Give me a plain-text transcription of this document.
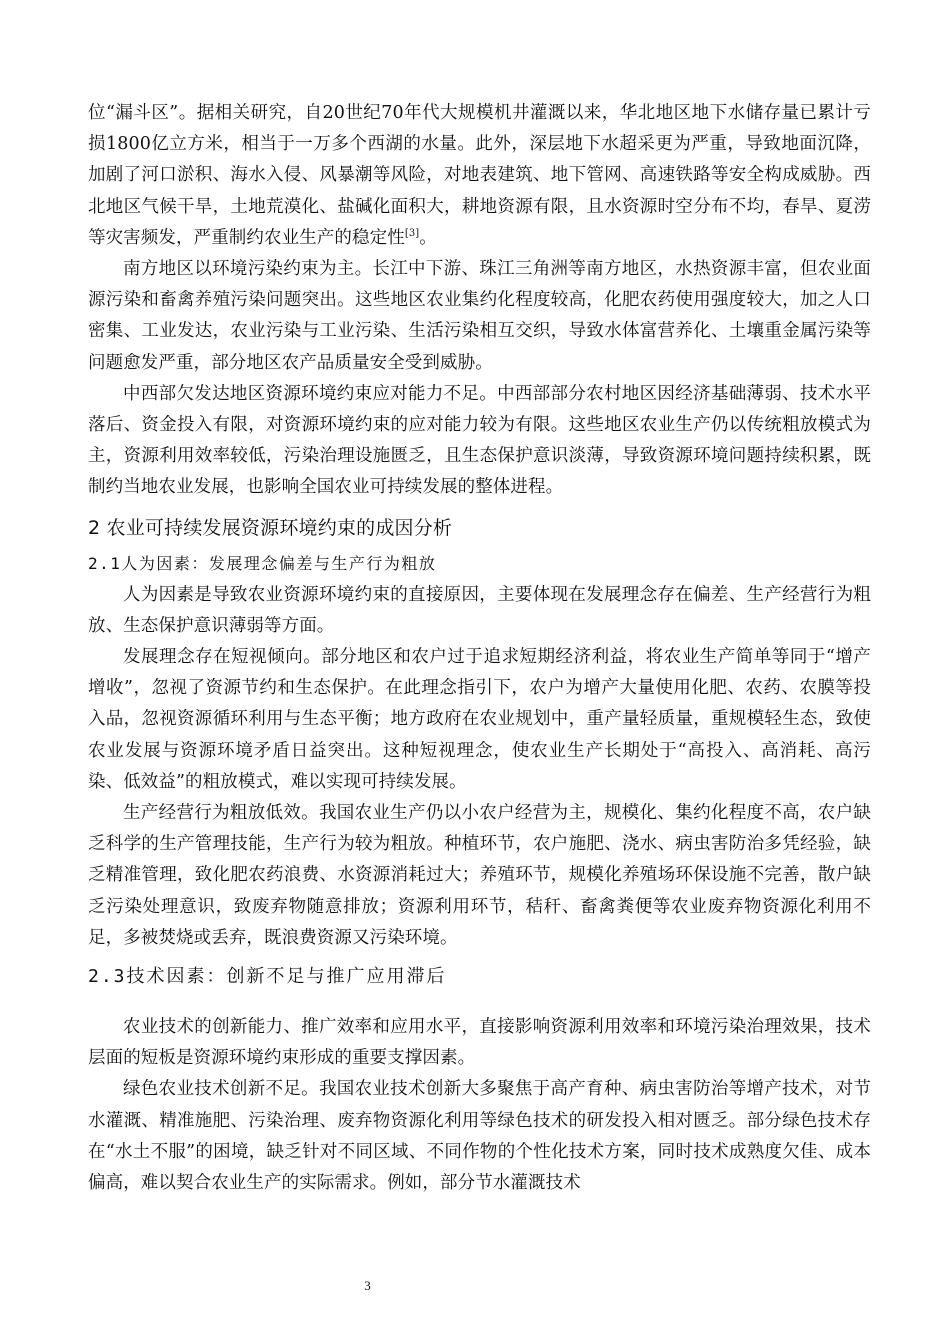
位“漏斗区”。据相关研究，自20世纪70年代大规模机井灌溉以来，华北地区地下水储存量已累计亏损1800亿立方米，相当于一万多个西湖的水量。此外，深层地下水超采更为严重，导致地面沉降，加剧了河口淤积、海水入侵、风暴潮等风险，对地表建筑、地下管网、高速铁路等安全构成威胁。西北地区气候干旱，土地荒漠化、盐碱化面积大，耕地资源有限，且水资源时空分布不均，春旱、夏涝等灾害频发，严重制约农业生产的稳定性[3]。

南方地区以环境污染约束为主。长江中下游、珠江三角洲等南方地区，水热资源丰富，但农业面源污染和畜禽养殖污染问题突出。这些地区农业集约化程度较高，化肥农药使用强度较大，加之人口密集、工业发达，农业污染与工业污染、生活污染相互交织，导致水体富营养化、土壤重金属污染等问题愈发严重，部分地区农产品质量安全受到威胁。

中西部欠发达地区资源环境约束应对能力不足。中西部部分农村地区因经济基础薄弱、技术水平落后、资金投入有限，对资源环境约束的应对能力较为有限。这些地区农业生产仍以传统粗放模式为主，资源利用效率较低，污染治理设施匮乏，且生态保护意识淡薄，导致资源环境问题持续积累，既制约当地农业发展，也影响全国农业可持续发展的整体进程。

2 农业可持续发展资源环境约束的成因分析
2.1人为因素：发展理念偏差与生产行为粗放

人为因素是导致农业资源环境约束的直接原因，主要体现在发展理念存在偏差、生产经营行为粗放、生态保护意识薄弱等方面。

发展理念存在短视倾向。部分地区和农户过于追求短期经济利益，将农业生产简单等同于“增产增收”，忽视了资源节约和生态保护。在此理念指引下，农户为增产大量使用化肥、农药、农膜等投入品，忽视资源循环利用与生态平衡；地方政府在农业规划中，重产量轻质量，重规模轻生态，致使农业发展与资源环境矛盾日益突出。这种短视理念，使农业生产长期处于“高投入、高消耗、高污染、低效益”的粗放模式，难以实现可持续发展。

生产经营行为粗放低效。我国农业生产仍以小农户经营为主，规模化、集约化程度不高，农户缺乏科学的生产管理技能，生产行为较为粗放。种植环节，农户施肥、浇水、病虫害防治多凭经验，缺乏精准管理，致化肥农药浪费、水资源消耗过大；养殖环节，规模化养殖场环保设施不完善，散户缺乏污染处理意识，致废弃物随意排放；资源利用环节，秸秆、畜禽粪便等农业废弃物资源化利用不足，多被焚烧或丢弃，既浪费资源又污染环境。

2.3技术因素：创新不足与推广应用滞后

农业技术的创新能力、推广效率和应用水平，直接影响资源利用效率和环境污染治理效果，技术层面的短板是资源环境约束形成的重要支撑因素。

绿色农业技术创新不足。我国农业技术创新大多聚焦于高产育种、病虫害防治等增产技术，对节水灌溉、精准施肥、污染治理、废弃物资源化利用等绿色技术的研发投入相对匮乏。部分绿色技术存在“水土不服”的困境，缺乏针对不同区域、不同作物的个性化技术方案，同时技术成熟度欠佳、成本偏高，难以契合农业生产的实际需求。例如，部分节水灌溉技术

3
